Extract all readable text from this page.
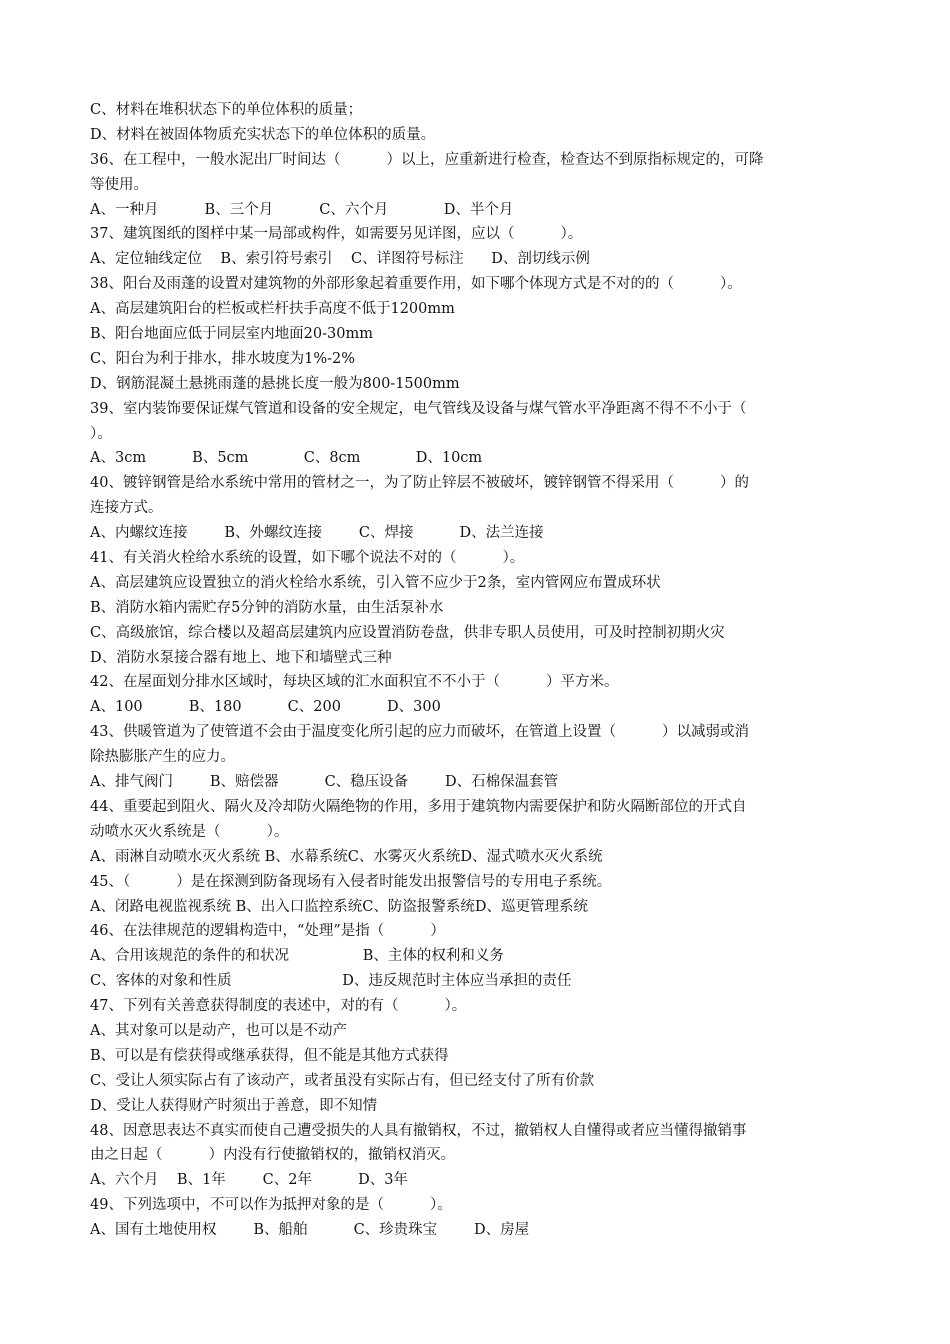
C、材料在堆积状态下的单位体积的质量；
D、材料在被固体物质充实状态下的单位体积的质量。
36、在工程中，一般水泥出厂时间达（          ）以上，应重新进行检查，检查达不到原指标规定的，可降
等使用。
A、一种月          B、三个月          C、六个月            D、半个月
37、建筑图纸的图样中某一局部或构件，如需要另见详图，应以（          ）。
A、定位轴线定位    B、索引符号索引    C、详图符号标注      D、剖切线示例
38、阳台及雨蓬的设置对建筑物的外部形象起着重要作用，如下哪个体现方式是不对的的（          ）。
A、高层建筑阳台的栏板或栏杆扶手高度不低于1200mm
B、阳台地面应低于同层室内地面20-30mm
C、阳台为利于排水，排水坡度为1%-2%
D、钢筋混凝土悬挑雨蓬的悬挑长度一般为800-1500mm
39、室内装饰要保证煤气管道和设备的安全规定，电气管线及设备与煤气管水平净距离不得不不小于（
）。
A、3cm          B、5cm            C、8cm            D、10cm
40、镀锌钢管是给水系统中常用的管材之一，为了防止锌层不被破坏，镀锌钢管不得采用（          ）的
连接方式。
A、内螺纹连接        B、外螺纹连接        C、焊接          D、法兰连接
41、有关消火栓给水系统的设置，如下哪个说法不对的（          ）。
A、高层建筑应设置独立的消火栓给水系统，引入管不应少于2条，室内管网应布置成环状
B、消防水箱内需贮存5分钟的消防水量，由生活泵补水
C、高级旅馆，综合楼以及超高层建筑内应设置消防卷盘，供非专职人员使用，可及时控制初期火灾
D、消防水泵接合器有地上、地下和墙壁式三种
42、在屋面划分排水区域时，每块区域的汇水面积宜不不小于（          ）平方米。
A、100          B、180          C、200          D、300
43、供暖管道为了使管道不会由于温度变化所引起的应力而破坏，在管道上设置（          ）以减弱或消
除热膨胀产生的应力。
A、排气阀门        B、赔偿器          C、稳压设备        D、石棉保温套管
44、重要起到阻火、隔火及冷却防火隔绝物的作用，多用于建筑物内需要保护和防火隔断部位的开式自
动喷水灭火系统是（          ）。
A、雨淋自动喷水灭火系统 B、水幕系统C、水雾灭火系统D、湿式喷水灭火系统
45、（          ）是在探测到防备现场有入侵者时能发出报警信号的专用电子系统。
A、闭路电视监视系统 B、出入口监控系统C、防盗报警系统D、巡更管理系统
46、在法律规范的逻辑构造中，“处理”是指（          ）
A、合用该规范的条件的和状况                B、主体的权利和义务
C、客体的对象和性质                        D、违反规范时主体应当承担的责任
47、下列有关善意获得制度的表述中，对的有（          ）。
A、其对象可以是动产，也可以是不动产
B、可以是有偿获得或继承获得，但不能是其他方式获得
C、受让人须实际占有了该动产，或者虽没有实际占有，但已经支付了所有价款
D、受让人获得财产时须出于善意，即不知情
48、因意思表达不真实而使自己遭受损失的人具有撤销权，不过，撤销权人自懂得或者应当懂得撤销事
由之日起（          ）内没有行使撤销权的，撤销权消灭。
A、六个月    B、1年        C、2年          D、3年
49、下列选项中，不可以作为抵押对象的是（          ）。
A、国有土地使用权        B、船舶          C、珍贵珠宝        D、房屋
